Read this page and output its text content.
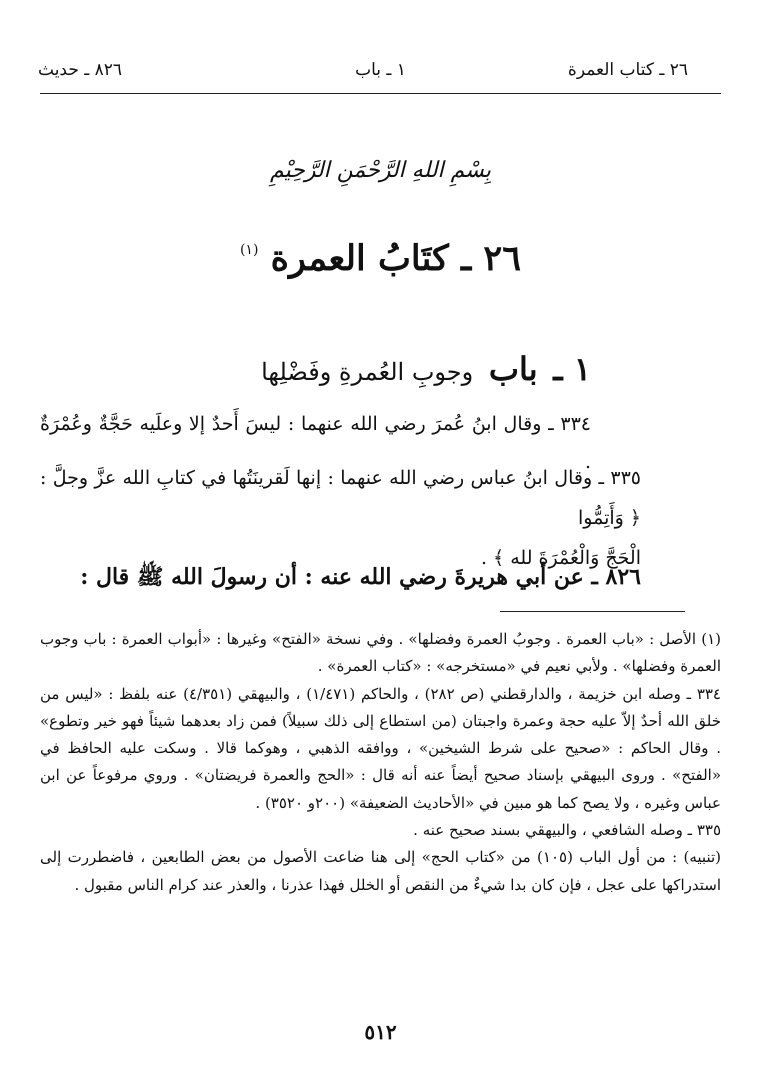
٢٦ ـ كتاب العمرة
١ ـ باب
٨٢٦ ـ حديث
بِسْمِ اللهِ الرَّحْمَنِ الرَّحِيْمِ
$^{(١)}$ ٢٦ ـ كتَابُ العمرة
١ ـ باب وجوبِ العُمرةِ وفَضْلِها
٣٣٤ ـ وقال ابنُ عُمرَ رضي الله عنهما : ليسَ أَحدٌ إلا وعلَيه حَجَّةٌ وعُمْرَةٌ .
٣٣٥ ـ وقال ابنُ عباس رضي الله عنهما : إنها لَقرينَتُها في كتابِ الله عزَّ وجلَّ : ﴿ وَأَتِمُّوا
الْحَجَّ وَالْعُمْرَةَ لله ﴾ .
٨٢٦ ـ عن أبي هريرةَ رضي الله عنه : أن رسولَ الله ﷺ قال :

(١) الأصل : «باب العمرة . وجوبُ العمرة وفضلها» . وفي نسخة «الفتح» وغيرها : «أبواب العمرة : باب وجوب العمرة وفضلها» . ولأبي نعيم في «مستخرجه» : «كتاب العمرة» .

٣٣٤ ـ وصله ابن خزيمة ، والدارقطني (ص ٢٨٢) ، والحاكم (١/٤٧١) ، والبيهقي (٤/٣٥١) عنه بلفظ : «ليس من خلق الله أحدٌ إلاّ عليه حجة وعمرة واجبتان (من استطاع إلى ذلك سبيلاً) فمن زاد بعدهما شيئاً فهو خير وتطوع» . وقال الحاكم : «صحيح على شرط الشيخين» ، ووافقه الذهبي ، وهوكما قالا . وسكت عليه الحافظ في «الفتح» . وروى البيهقي بإسناد صحيح أيضاً عنه أنه قال : «الحج والعمرة فريضتان» . وروي مرفوعاً عن ابن عباس وغيره ، ولا يصح كما هو مبين في «الأحاديث الضعيفة» (٢٠٠و ٣٥٢٠) .

٣٣٥ ـ وصله الشافعي ، والبيهقي بسند صحيح عنه .

(تنبيه) : من أول الباب (١٠٥) من «كتاب الحج» إلى هنا ضاعت الأصول من بعض الطابعين ، فاضطررت إلى استدراكها على عجل ، فإن كان بدا شيءٌ من النقص أو الخلل فهذا عذرنا ، والعذر عند كرام الناس مقبول .

٥١٢
